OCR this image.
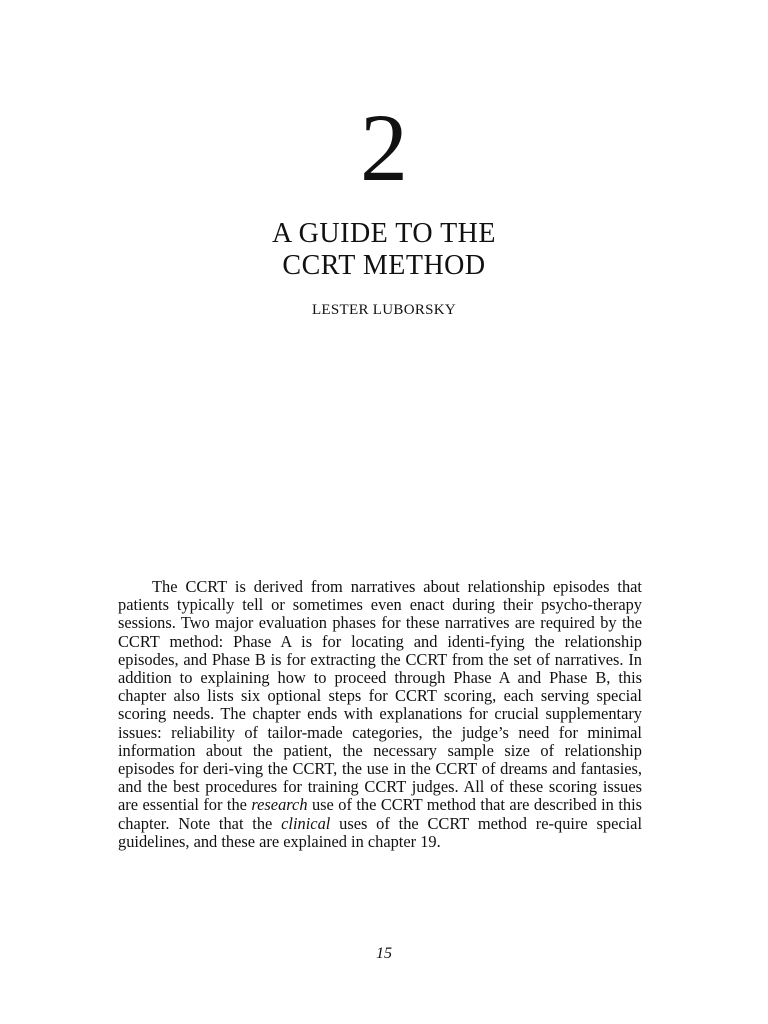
2
A GUIDE TO THE
CCRT METHOD
LESTER LUBORSKY

The CCRT is derived from narratives about relationship episodes that patients typically tell or sometimes even enact during their psycho-therapy sessions. Two major evaluation phases for these narratives are required by the CCRT method: Phase A is for locating and identi-fying the relationship episodes, and Phase B is for extracting the CCRT from the set of narratives. In addition to explaining how to proceed through Phase A and Phase B, this chapter also lists six optional steps for CCRT scoring, each serving special scoring needs. The chapter ends with explanations for crucial supplementary issues: reliability of tailor-made categories, the judge’s need for minimal information about the patient, the necessary sample size of relationship episodes for deri-ving the CCRT, the use in the CCRT of dreams and fantasies, and the best procedures for training CCRT judges. All of these scoring issues are essential for the research use of the CCRT method that are described in this chapter. Note that the clinical uses of the CCRT method re-quire special guidelines, and these are explained in chapter 19.

15
